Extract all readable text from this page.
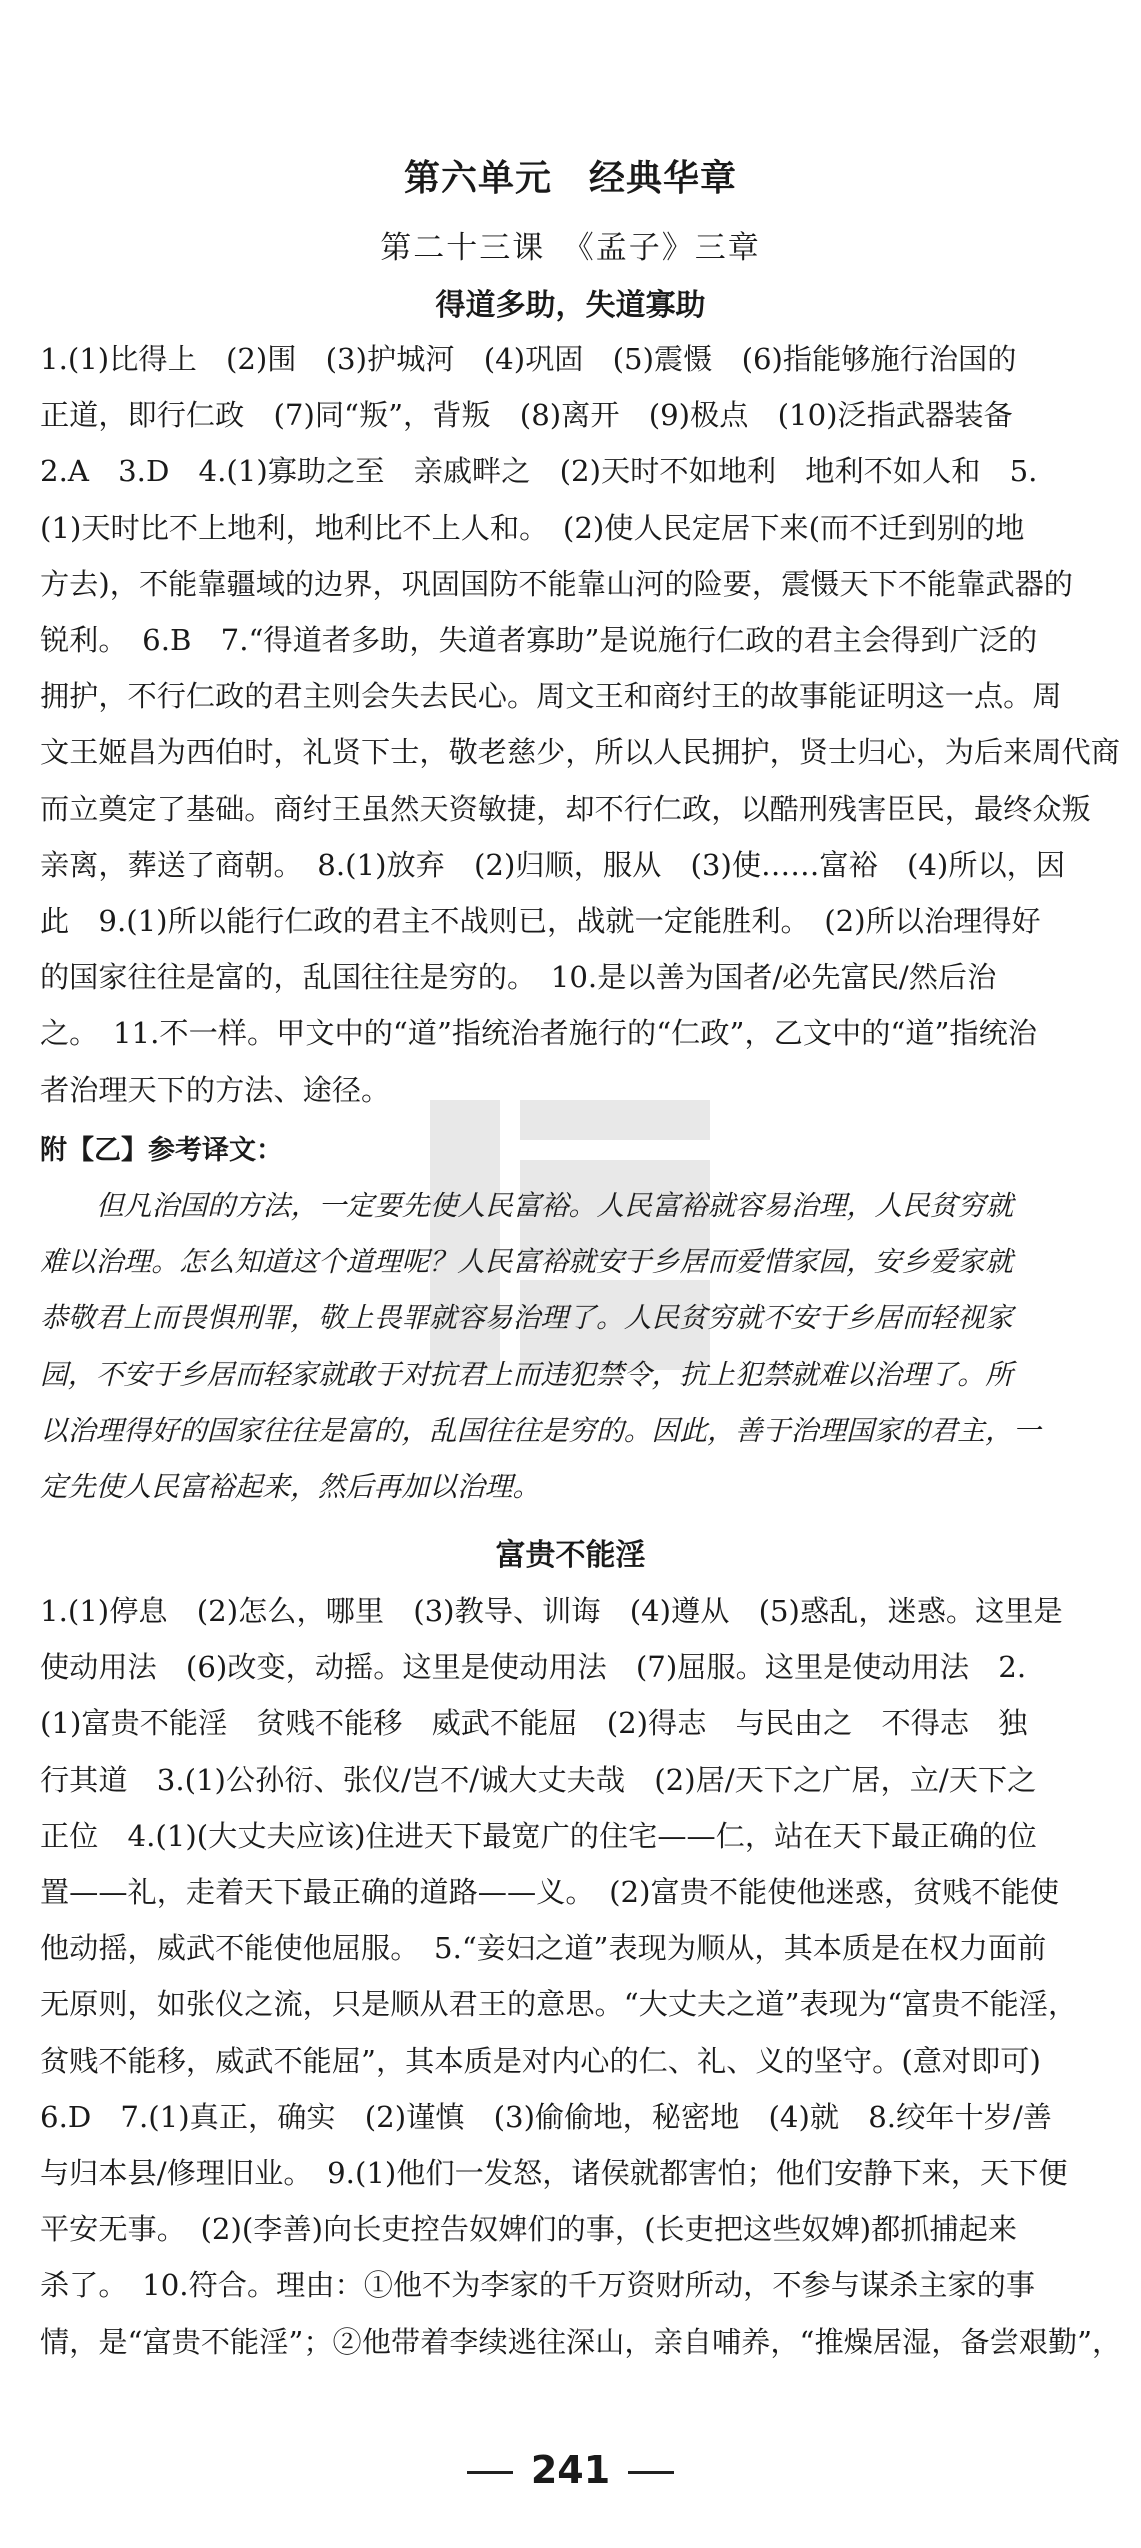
第六单元　经典华章
第二十三课　《孟子》三章
得道多助，失道寡助
1.(1)比得上　(2)围　(3)护城河　(4)巩固　(5)震慑　(6)指能够施行治国的
正道，即行仁政　(7)同“叛”，背叛　(8)离开　(9)极点　(10)泛指武器装备
2.A　3.D　4.(1)寡助之至　亲戚畔之　(2)天时不如地利　地利不如人和　5.
(1)天时比不上地利，地利比不上人和。　(2)使人民定居下来(而不迁到别的地
方去)，不能靠疆域的边界，巩固国防不能靠山河的险要，震慑天下不能靠武器的
锐利。　6.B　7.“得道者多助，失道者寡助”是说施行仁政的君主会得到广泛的
拥护，不行仁政的君主则会失去民心。周文王和商纣王的故事能证明这一点。周
文王姬昌为西伯时，礼贤下士，敬老慈少，所以人民拥护，贤士归心，为后来周代商
而立奠定了基础。商纣王虽然天资敏捷，却不行仁政，以酷刑残害臣民，最终众叛
亲离，葬送了商朝。　8.(1)放弃　(2)归顺，服从　(3)使……富裕　(4)所以，因
此　9.(1)所以能行仁政的君主不战则已，战就一定能胜利。　(2)所以治理得好
的国家往往是富的，乱国往往是穷的。　10.是以善为国者/必先富民/然后治
之。　11.不一样。甲文中的“道”指统治者施行的“仁政”，乙文中的“道”指统治
者治理天下的方法、途径。
附【乙】参考译文：
但凡治国的方法，一定要先使人民富裕。人民富裕就容易治理，人民贫穷就
难以治理。怎么知道这个道理呢？人民富裕就安于乡居而爱惜家园，安乡爱家就
恭敬君上而畏惧刑罪，敬上畏罪就容易治理了。人民贫穷就不安于乡居而轻视家
园，不安于乡居而轻家就敢于对抗君上而违犯禁令，抗上犯禁就难以治理了。所
以治理得好的国家往往是富的，乱国往往是穷的。因此，善于治理国家的君主，一
定先使人民富裕起来，然后再加以治理。
富贵不能淫
1.(1)停息　(2)怎么，哪里　(3)教导、训诲　(4)遵从　(5)惑乱，迷惑。这里是
使动用法　(6)改变，动摇。这里是使动用法　(7)屈服。这里是使动用法　2.
(1)富贵不能淫　贫贱不能移　威武不能屈　(2)得志　与民由之　不得志　独
行其道　3.(1)公孙衍、张仪/岂不/诚大丈夫哉　(2)居/天下之广居，立/天下之
正位　4.(1)(大丈夫应该)住进天下最宽广的住宅——仁，站在天下最正确的位
置——礼，走着天下最正确的道路——义。　(2)富贵不能使他迷惑，贫贱不能使
他动摇，威武不能使他屈服。　5.“妾妇之道”表现为顺从，其本质是在权力面前
无原则，如张仪之流，只是顺从君王的意思。“大丈夫之道”表现为“富贵不能淫，
贫贱不能移，威武不能屈”，其本质是对内心的仁、礼、义的坚守。(意对即可)
6.D　7.(1)真正，确实　(2)谨慎　(3)偷偷地，秘密地　(4)就　8.绞年十岁/善
与归本县/修理旧业。　9.(1)他们一发怒，诸侯就都害怕；他们安静下来，天下便
平安无事。　(2)(李善)向长吏控告奴婢们的事，(长吏把这些奴婢)都抓捕起来
杀了。　10.符合。理由：①他不为李家的千万资财所动，不参与谋杀主家的事
情，是“富贵不能淫”；②他带着李续逃往深山，亲自哺养，“推燥居湿，备尝艰勤”，
241
